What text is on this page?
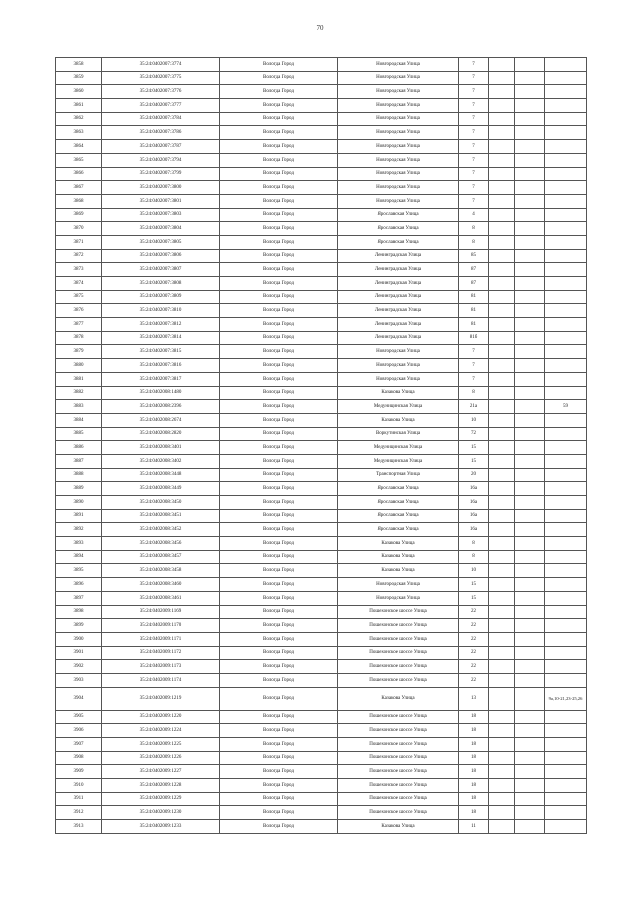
70
3858	35:24:0402007:3774	Вологда Город	Новгородская Улица	7			
3859	35:24:0402007:3775	Вологда Город	Новгородская Улица	7			
3860	35:24:0402007:3776	Вологда Город	Новгородская Улица	7			
3861	35:24:0402007:3777	Вологда Город	Новгородская Улица	7			
3862	35:24:0402007:3784	Вологда Город	Новгородская Улица	7			
3863	35:24:0402007:3786	Вологда Город	Новгородская Улица	7			
3864	35:24:0402007:3787	Вологда Город	Новгородская Улица	7			
3865	35:24:0402007:3794	Вологда Город	Новгородская Улица	7			
3866	35:24:0402007:3799	Вологда Город	Новгородская Улица	7			
3867	35:24:0402007:3800	Вологда Город	Новгородская Улица	7			
3868	35:24:0402007:3801	Вологда Город	Новгородская Улица	7			
3869	35:24:0402007:3803	Вологда Город	Ярославская Улица	4			
3870	35:24:0402007:3804	Вологда Город	Ярославская Улица	8			
3871	35:24:0402007:3805	Вологда Город	Ярославская Улица	8			
3872	35:24:0402007:3806	Вологда Город	Ленинградская Улица	85			
3873	35:24:0402007:3807	Вологда Город	Ленинградская Улица	87			
3874	35:24:0402007:3808	Вологда Город	Ленинградская Улица	87			
3875	35:24:0402007:3809	Вологда Город	Ленинградская Улица	81			
3876	35:24:0402007:3810	Вологда Город	Ленинградская Улица	81			
3877	35:24:0402007:3812	Вологда Город	Ленинградская Улица	81			
3878	35:24:0402007:3814	Вологда Город	Ленинградская Улица	81б			
3879	35:24:0402007:3815	Вологда Город	Новгородская Улица	7			
3880	35:24:0402007:3816	Вологда Город	Новгородская Улица	7			
3881	35:24:0402007:3817	Вологда Город	Новгородская Улица	7			
3882	35:24:0402008:1480	Вологда Город	Казакова Улица	8			
3883	35:24:0402008:2396	Вологда Город	Медуницинская Улица	21а			59
3884	35:24:0402008:2674	Вологда Город	Казакова Улица	10			
3885	35:24:0402008:2820	Вологда Город	Воркутинская Улица	72			
3886	35:24:0402008:3401	Вологда Город	Медуницинская Улица	15			
3887	35:24:0402008:3402	Вологда Город	Медуницинская Улица	15			
3888	35:24:0402008:3448	Вологда Город	Транспортная Улица	20			
3889	35:24:0402008:3449	Вологда Город	Ярославская Улица	16а			
3890	35:24:0402008:3450	Вологда Город	Ярославская Улица	16а			
3891	35:24:0402008:3451	Вологда Город	Ярославская Улица	16а			
3892	35:24:0402008:3452	Вологда Город	Ярославская Улица	16а			
3893	35:24:0402008:3456	Вологда Город	Казакова Улица	8			
3894	35:24:0402008:3457	Вологда Город	Казакова Улица	8			
3895	35:24:0402008:3458	Вологда Город	Казакова Улица	10			
3896	35:24:0402008:3460	Вологда Город	Новгородская Улица	15			
3897	35:24:0402008:3461	Вологда Город	Новгородская Улица	15			
3898	35:24:0402009:1169	Вологда Город	Пошехонское шоссе Улица	22			
3899	35:24:0402009:1170	Вологда Город	Пошехонское шоссе Улица	22			
3900	35:24:0402009:1171	Вологда Город	Пошехонское шоссе Улица	22			
3901	35:24:0402009:1172	Вологда Город	Пошехонское шоссе Улица	22			
3902	35:24:0402009:1173	Вологда Город	Пошехонское шоссе Улица	22			
3903	35:24:0402009:1174	Вологда Город	Пошехонское шоссе Улица	22			
3904	35:24:0402009:1219	Вологда Город	Казакова Улица	13			9а,10-21,23-25,26
3905	35:24:0402009:1220	Вологда Город	Пошехонское шоссе Улица	18			
3906	35:24:0402009:1224	Вологда Город	Пошехонское шоссе Улица	18			
3907	35:24:0402009:1225	Вологда Город	Пошехонское шоссе Улица	18			
3908	35:24:0402009:1226	Вологда Город	Пошехонское шоссе Улица	18			
3909	35:24:0402009:1227	Вологда Город	Пошехонское шоссе Улица	18			
3910	35:24:0402009:1228	Вологда Город	Пошехонское шоссе Улица	18			
3911	35:24:0402009:1229	Вологда Город	Пошехонское шоссе Улица	18			
3912	35:24:0402009:1230	Вологда Город	Пошехонское шоссе Улица	18			
3913	35:24:0402009:1233	Вологда Город	Казакова Улица	11			
